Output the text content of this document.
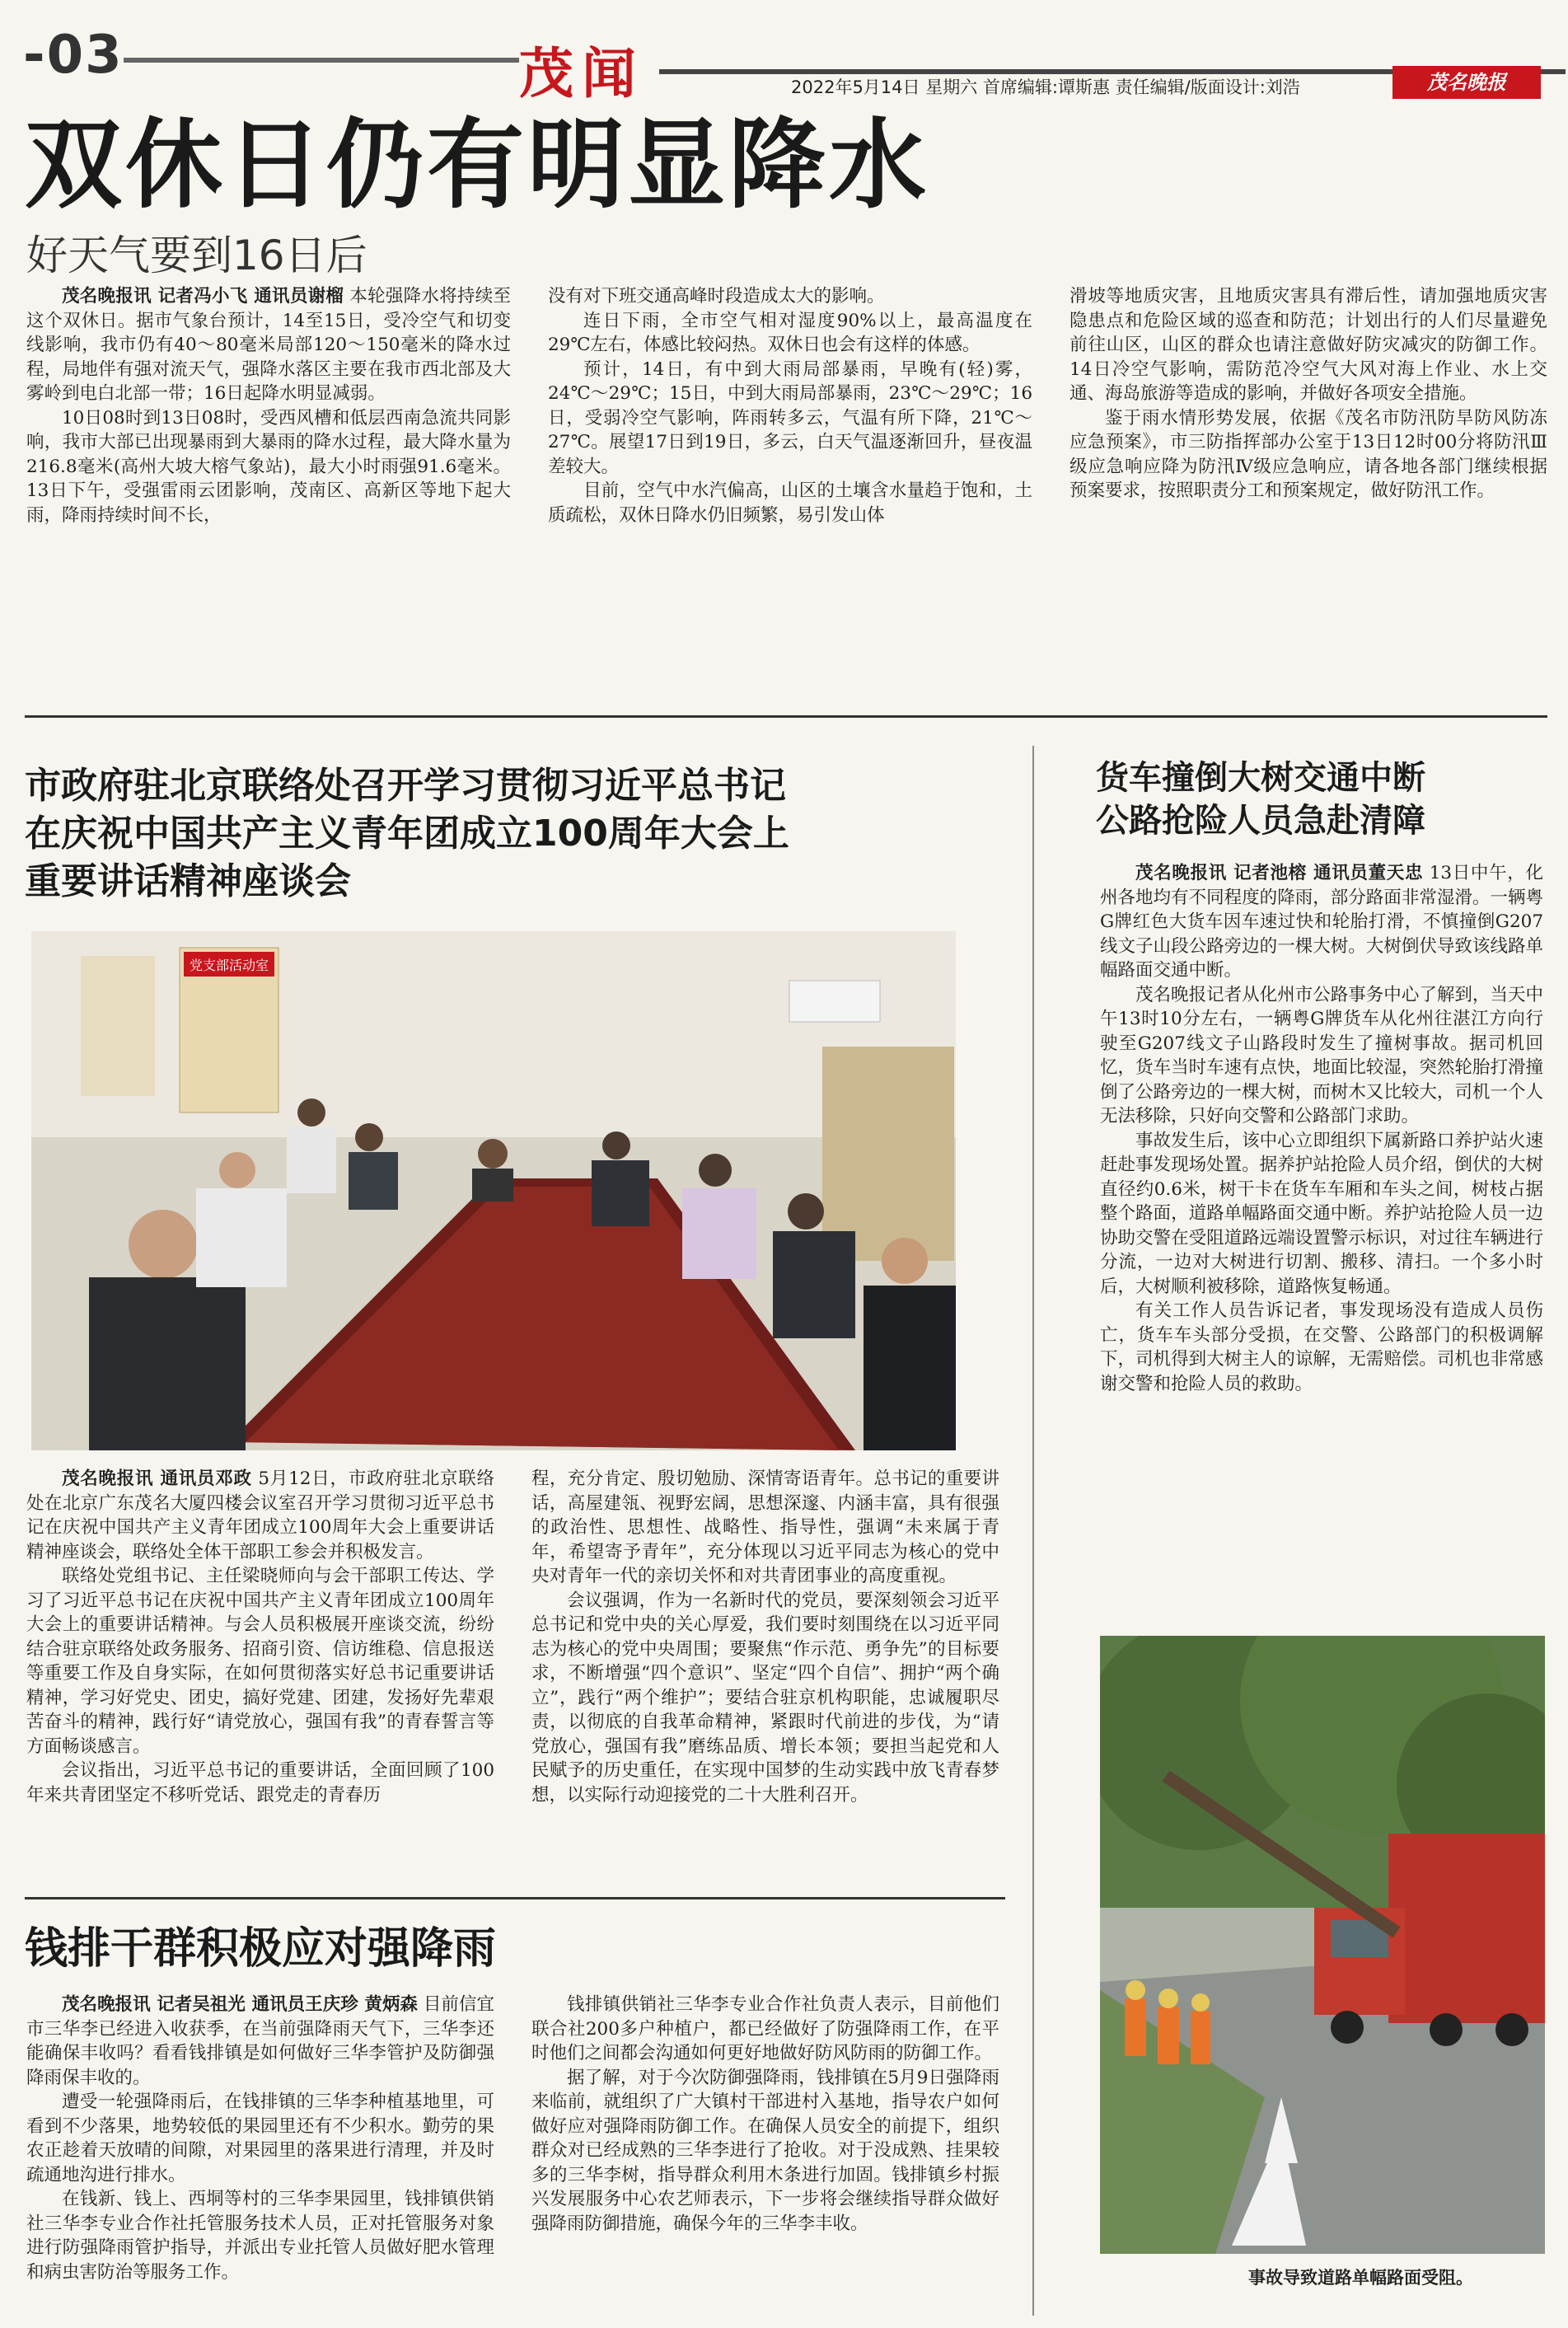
-03	茂闻	2022年5月14日 星期六 首席编辑:谭斯惠 责任编辑/版面设计:刘浩	茂名晚报
双休日仍有明显降水
好天气要到16日后

茂名晚报讯 记者冯小飞 通讯员谢榴 本轮强降水将持续至这个双休日。据市气象台预计，14至15日，受冷空气和切变线影响，我市仍有40～80毫米局部120～150毫米的降水过程，局地伴有强对流天气，强降水落区主要在我市西北部及大雾岭到电白北部一带；16日起降水明显减弱。

10日08时到13日08时，受西风槽和低层西南急流共同影响，我市大部已出现暴雨到大暴雨的降水过程，最大降水量为216.8毫米(高州大坡大榕气象站)，最大小时雨强91.6毫米。13日下午，受强雷雨云团影响，茂南区、高新区等地下起大雨，降雨持续时间不长，

没有对下班交通高峰时段造成太大的影响。

连日下雨，全市空气相对湿度90%以上，最高温度在29℃左右，体感比较闷热。双休日也会有这样的体感。

预计，14日，有中到大雨局部暴雨，早晚有(轻)雾，24℃～29℃；15日，中到大雨局部暴雨，23℃～29℃；16日，受弱冷空气影响，阵雨转多云，气温有所下降，21℃～27℃。展望17日到19日，多云，白天气温逐渐回升，昼夜温差较大。

目前，空气中水汽偏高，山区的土壤含水量趋于饱和，土质疏松，双休日降水仍旧频繁，易引发山体

滑坡等地质灾害，且地质灾害具有滞后性，请加强地质灾害隐患点和危险区域的巡查和防范；计划出行的人们尽量避免前往山区，山区的群众也请注意做好防灾减灾的防御工作。14日冷空气影响，需防范冷空气大风对海上作业、水上交通、海岛旅游等造成的影响，并做好各项安全措施。

鉴于雨水情形势发展，依据《茂名市防汛防旱防风防冻应急预案》，市三防指挥部办公室于13日12时00分将防汛Ⅲ级应急响应降为防汛Ⅳ级应急响应，请各地各部门继续根据预案要求，按照职责分工和预案规定，做好防汛工作。

市政府驻北京联络处召开学习贯彻习近平总书记
在庆祝中国共产主义青年团成立100周年大会上
重要讲话精神座谈会
党支部活动室

茂名晚报讯 通讯员邓政 5月12日，市政府驻北京联络处在北京广东茂名大厦四楼会议室召开学习贯彻习近平总书记在庆祝中国共产主义青年团成立100周年大会上重要讲话精神座谈会，联络处全体干部职工参会并积极发言。

联络处党组书记、主任梁晓师向与会干部职工传达、学习了习近平总书记在庆祝中国共产主义青年团成立100周年大会上的重要讲话精神。与会人员积极展开座谈交流，纷纷结合驻京联络处政务服务、招商引资、信访维稳、信息报送等重要工作及自身实际，在如何贯彻落实好总书记重要讲话精神，学习好党史、团史，搞好党建、团建，发扬好先辈艰苦奋斗的精神，践行好“请党放心，强国有我”的青春誓言等方面畅谈感言。

会议指出，习近平总书记的重要讲话，全面回顾了100年来共青团坚定不移听党话、跟党走的青春历

程，充分肯定、殷切勉励、深情寄语青年。总书记的重要讲话，高屋建瓴、视野宏阔，思想深邃、内涵丰富，具有很强的政治性、思想性、战略性、指导性，强调“未来属于青年，希望寄予青年”，充分体现以习近平同志为核心的党中央对青年一代的亲切关怀和对共青团事业的高度重视。

会议强调，作为一名新时代的党员，要深刻领会习近平总书记和党中央的关心厚爱，我们要时刻围绕在以习近平同志为核心的党中央周围；要聚焦“作示范、勇争先”的目标要求，不断增强“四个意识”、坚定“四个自信”、拥护“两个确立”，践行“两个维护”；要结合驻京机构职能，忠诚履职尽责，以彻底的自我革命精神，紧跟时代前进的步伐，为“请党放心，强国有我”磨练品质、增长本领；要担当起党和人民赋予的历史重任，在实现中国梦的生动实践中放飞青春梦想，以实际行动迎接党的二十大胜利召开。

货车撞倒大树交通中断
公路抢险人员急赴清障

茂名晚报讯 记者池榕 通讯员董天忠 13日中午，化州各地均有不同程度的降雨，部分路面非常湿滑。一辆粤G牌红色大货车因车速过快和轮胎打滑，不慎撞倒G207线文子山段公路旁边的一棵大树。大树倒伏导致该线路单幅路面交通中断。

茂名晚报记者从化州市公路事务中心了解到，当天中午13时10分左右，一辆粤G牌货车从化州往湛江方向行驶至G207线文子山路段时发生了撞树事故。据司机回忆，货车当时车速有点快，地面比较湿，突然轮胎打滑撞倒了公路旁边的一棵大树，而树木又比较大，司机一个人无法移除，只好向交警和公路部门求助。

事故发生后，该中心立即组织下属新路口养护站火速赶赴事发现场处置。据养护站抢险人员介绍，倒伏的大树直径约0.6米，树干卡在货车车厢和车头之间，树枝占据整个路面，道路单幅路面交通中断。养护站抢险人员一边协助交警在受阻道路远端设置警示标识，对过往车辆进行分流，一边对大树进行切割、搬移、清扫。一个多小时后，大树顺利被移除，道路恢复畅通。

有关工作人员告诉记者，事发现场没有造成人员伤亡，货车车头部分受损，在交警、公路部门的积极调解下，司机得到大树主人的谅解，无需赔偿。司机也非常感谢交警和抢险人员的救助。

事故导致道路单幅路面受阻。
钱排干群积极应对强降雨

茂名晚报讯 记者吴祖光 通讯员王庆珍 黄炳森 目前信宜市三华李已经进入收获季，在当前强降雨天气下，三华李还能确保丰收吗？看看钱排镇是如何做好三华李管护及防御强降雨保丰收的。

遭受一轮强降雨后，在钱排镇的三华李种植基地里，可看到不少落果，地势较低的果园里还有不少积水。勤劳的果农正趁着天放晴的间隙，对果园里的落果进行清理，并及时疏通地沟进行排水。

在钱新、钱上、西垌等村的三华李果园里，钱排镇供销社三华李专业合作社托管服务技术人员，正对托管服务对象进行防强降雨管护指导，并派出专业托管人员做好肥水管理和病虫害防治等服务工作。

钱排镇供销社三华李专业合作社负责人表示，目前他们联合社200多户种植户，都已经做好了防强降雨工作，在平时他们之间都会沟通如何更好地做好防风防雨的防御工作。

据了解，对于今次防御强降雨，钱排镇在5月9日强降雨来临前，就组织了广大镇村干部进村入基地，指导农户如何做好应对强降雨防御工作。在确保人员安全的前提下，组织群众对已经成熟的三华李进行了抢收。对于没成熟、挂果较多的三华李树，指导群众利用木条进行加固。钱排镇乡村振兴发展服务中心农艺师表示，下一步将会继续指导群众做好强降雨防御措施，确保今年的三华李丰收。
